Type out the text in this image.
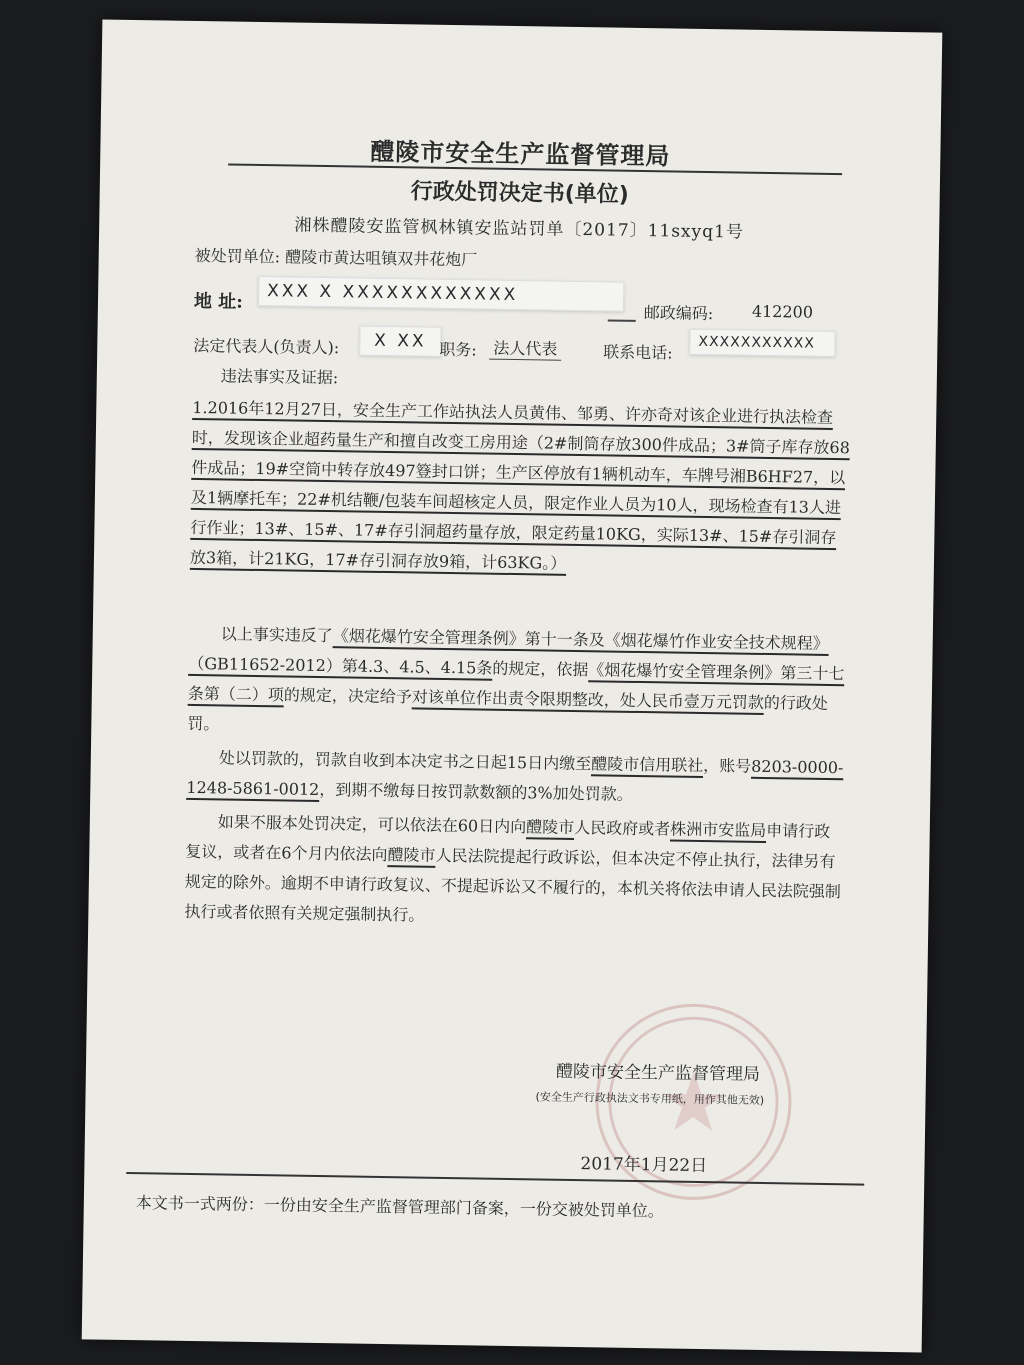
醴陵市安全生产监督管理局
行政处罚决定书(单位)
湘株醴陵安监管枫林镇安监站罚单〔2017〕11sxyq1号
被处罚单位: 醴陵市黄达咀镇双井花炮厂
地 址:	XXX X XXXXXXXXXXXX
邮政编码: 412200
法定代表人(负责人):	X XX 职务: 法人代表	联系电话:	XXXXXXXXXXX
违法事实及证据:
1.2016年12月27日，安全生产工作站执法人员黄伟、邹勇、许亦奇对该企业进行执法检查时，发现该企业超药量生产和擅自改变工房用途（2#制筒存放300件成品；3#筒子库存放68件成品；19#空筒中转存放497簦封口饼；生产区停放有1辆机动车，车牌号湘B6HF27，以及1辆摩托车；22#机结鞭/包装车间超核定人员，限定作业人员为10人，现场检查有13人进行作业；13#、15#、17#存引洞超药量存放，限定药量10KG，实际13#、15#存引洞存放3箱，计21KG，17#存引洞存放9箱，计63KG。）
以上事实违反了《烟花爆竹安全管理条例》第十一条及《烟花爆竹作业安全技术规程》（GB11652-2012）第4.3、4.5、4.15条的规定，依据《烟花爆竹安全管理条例》第三十七条第（二）项的规定，决定给予对该单位作出责令限期整改，处人民币壹万元罚款的行政处罚。
处以罚款的，罚款自收到本决定书之日起15日内缴至醴陵市信用联社，账号8203-0000-1248-5861-0012，到期不缴每日按罚款数额的3%加处罚款。
如果不服本处罚决定，可以依法在60日内向醴陵市人民政府或者株洲市安监局申请行政复议，或者在6个月内依法向醴陵市人民法院提起行政诉讼，但本决定不停止执行，法律另有规定的除外。逾期不申请行政复议、不提起诉讼又不履行的，本机关将依法申请人民法院强制执行或者依照有关规定强制执行。
醴陵市安全生产监督管理局
(安全生产行政执法文书专用纸，用作其他无效)
2017年1月22日
本文书一式两份：一份由安全生产监督管理部门备案，一份交被处罚单位。
